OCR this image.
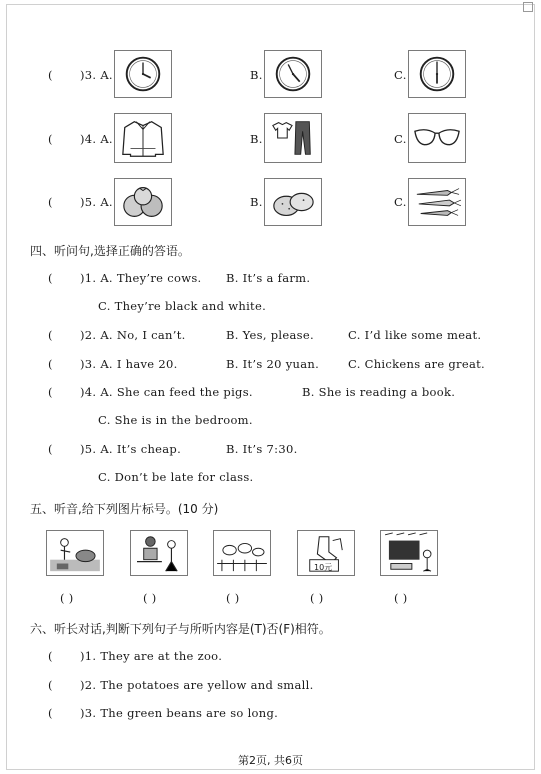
( )3. A.	B.	C.
( )4. A.	B.	C.
( )5. A.	B.	C.
四、听问句,选择正确的答语。
( )1. A. They’re cows. B. It’s a farm.
C. They’re black and white.
( )2. A. No, I can’t.	B. Yes, please.	C. I’d like some meat.
( )3. A. I have 20.	B. It’s 20 yuan.	C. Chickens are great.
( )4. A. She can feed the pigs.	B. She is reading a book.
C. She is in the bedroom.
( )5. A. It’s cheap.	B. It’s 7:30.
C. Don’t be late for class.
五、听音,给下列图片标号。(10 分)
10元
( )	( )	( )	( )	( )
六、听长对话,判断下列句子与所听内容是(T)否(F)相符。
( )1. They are at the zoo.
( )2. The potatoes are yellow and small.
( )3. The green beans are so long.
第2页, 共6页
